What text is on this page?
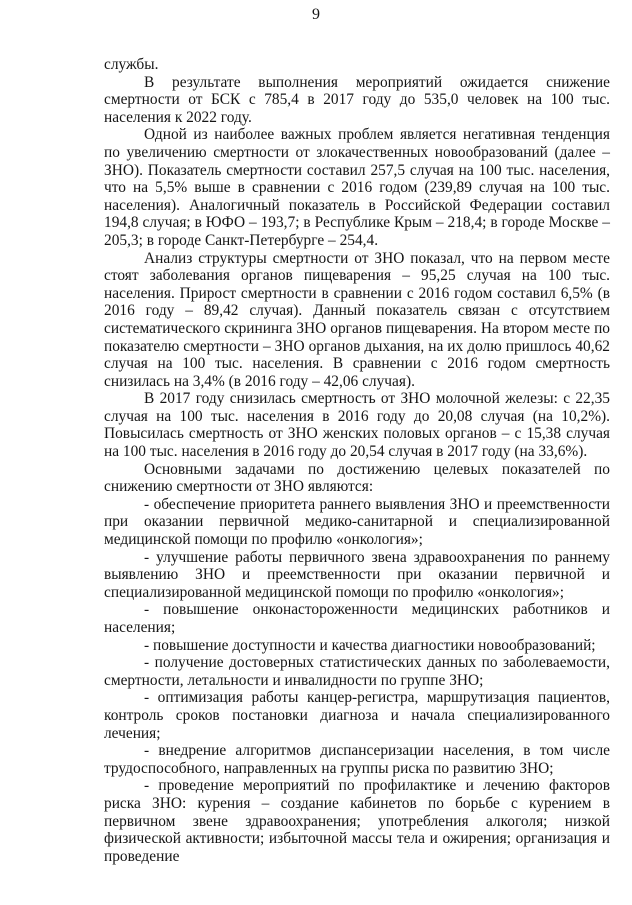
9

службы.

В результате выполнения мероприятий ожидается снижение смертности от БСК с 785,4 в 2017 году до 535,0 человек на 100 тыс. населения к 2022 году.

Одной из наиболее важных проблем является негативная тенденция по увеличению смертности от злокачественных новообразований (далее – ЗНО). Показатель смертности составил 257,5 случая на 100 тыс. населения, что на 5,5% выше в сравнении с 2016 годом (239,89 случая на 100 тыс. населения). Аналогичный показатель в Российской Федерации составил 194,8 случая; в ЮФО – 193,7; в Республике Крым – 218,4; в городе Москве – 205,3; в городе Санкт-Петербурге – 254,4.

Анализ структуры смертности от ЗНО показал, что на первом месте стоят заболевания органов пищеварения – 95,25 случая на 100 тыс. населения. Прирост смертности в сравнении с 2016 годом составил 6,5% (в 2016 году – 89,42 случая). Данный показатель связан с отсутствием систематического скрининга ЗНО органов пищеварения. На втором месте по показателю смертности – ЗНО органов дыхания, на их долю пришлось 40,62 случая на 100 тыс. населения. В сравнении с 2016 годом смертность снизилась на 3,4% (в 2016 году – 42,06 случая).

В 2017 году снизилась смертность от ЗНО молочной железы: с 22,35 случая на 100 тыс. населения в 2016 году до 20,08 случая (на 10,2%). Повысилась смертность от ЗНО женских половых органов – с 15,38 случая на 100 тыс. населения в 2016 году до 20,54 случая в 2017 году (на 33,6%).

Основными задачами по достижению целевых показателей по снижению смертности от ЗНО являются:

- обеспечение приоритета раннего выявления ЗНО и преемственности при оказании первичной медико-санитарной и специализированной медицинской помощи по профилю «онкология»;

- улучшение работы первичного звена здравоохранения по раннему выявлению ЗНО и преемственности при оказании первичной и специализированной медицинской помощи по профилю «онкология»;

- повышение онконастороженности медицинских работников и населения;

- повышение доступности и качества диагностики новообразований;

- получение достоверных статистических данных по заболеваемости, смертности, летальности и инвалидности по группе ЗНО;

- оптимизация работы канцер-регистра, маршрутизация пациентов, контроль сроков постановки диагноза и начала специализированного лечения;

- внедрение алгоритмов диспансеризации населения, в том числе трудоспособного, направленных на группы риска по развитию ЗНО;

- проведение мероприятий по профилактике и лечению факторов риска ЗНО: курения – создание кабинетов по борьбе с курением в первичном звене здравоохранения; употребления алкоголя; низкой физической активности; избыточной массы тела и ожирения; организация и проведение
